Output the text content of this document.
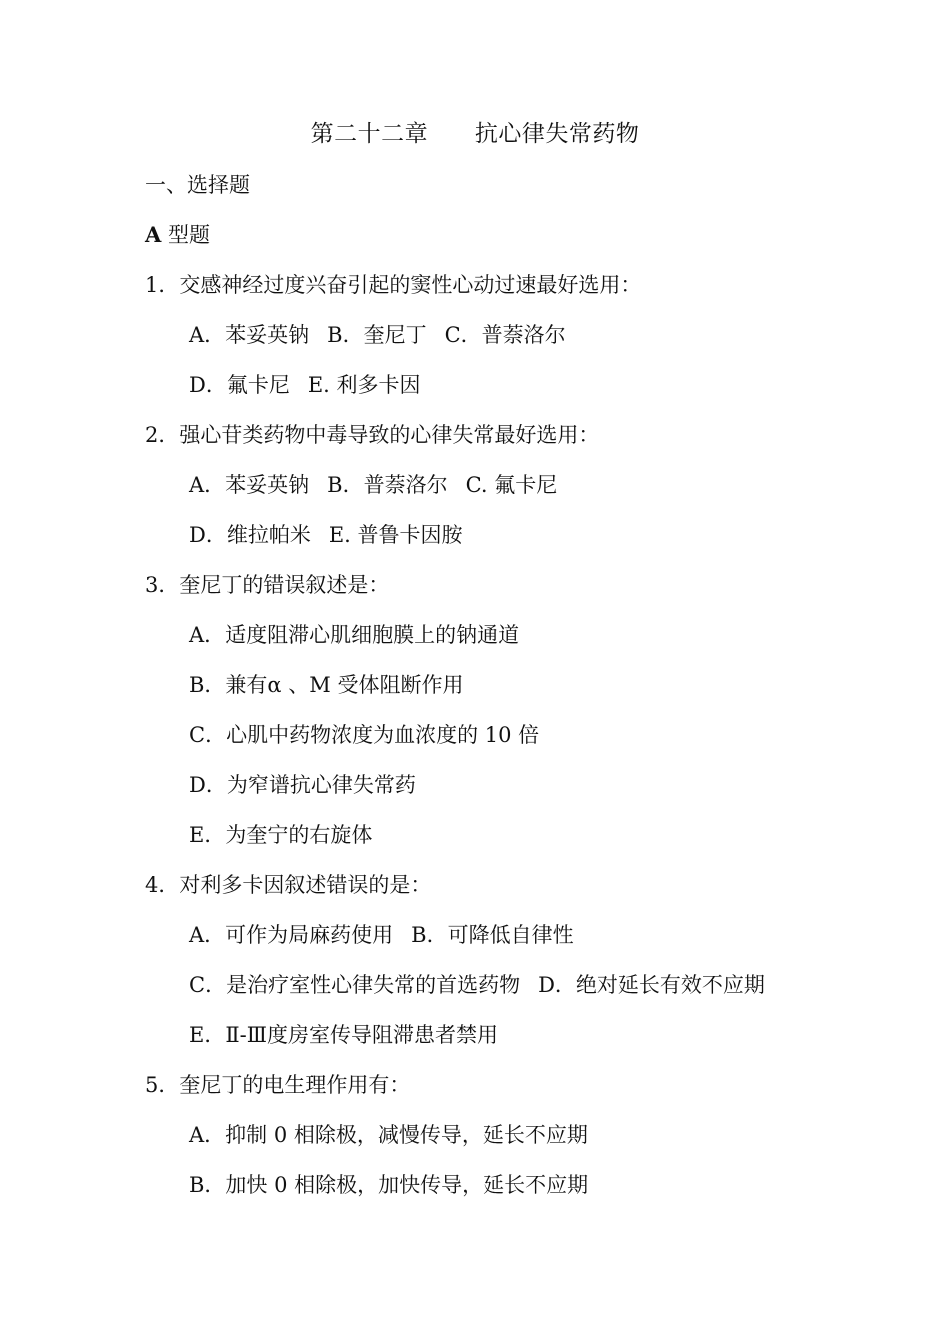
第二十二章      抗心律失常药物
一、选择题
A 型题
1．交感神经过度兴奋引起的窦性心动过速最好选用：
A．苯妥英钠 B．奎尼丁 C．普萘洛尔
D．氟卡尼 E. 利多卡因
2．强心苷类药物中毒导致的心律失常最好选用：
A．苯妥英钠 B．普萘洛尔 C. 氟卡尼
D．维拉帕米 E. 普鲁卡因胺
3．奎尼丁的错误叙述是：
A．适度阻滞心肌细胞膜上的钠通道
B．兼有α 、M 受体阻断作用
C．心肌中药物浓度为血浓度的 10 倍
D．为窄谱抗心律失常药
E．为奎宁的右旋体
4．对利多卡因叙述错误的是：
A．可作为局麻药使用 B．可降低自律性
C．是治疗室性心律失常的首选药物 D．绝对延长有效不应期
E．Ⅱ-Ⅲ度房室传导阻滞患者禁用
5．奎尼丁的电生理作用有：
A．抑制 0 相除极，减慢传导，延长不应期
B．加快 0 相除极，加快传导，延长不应期
